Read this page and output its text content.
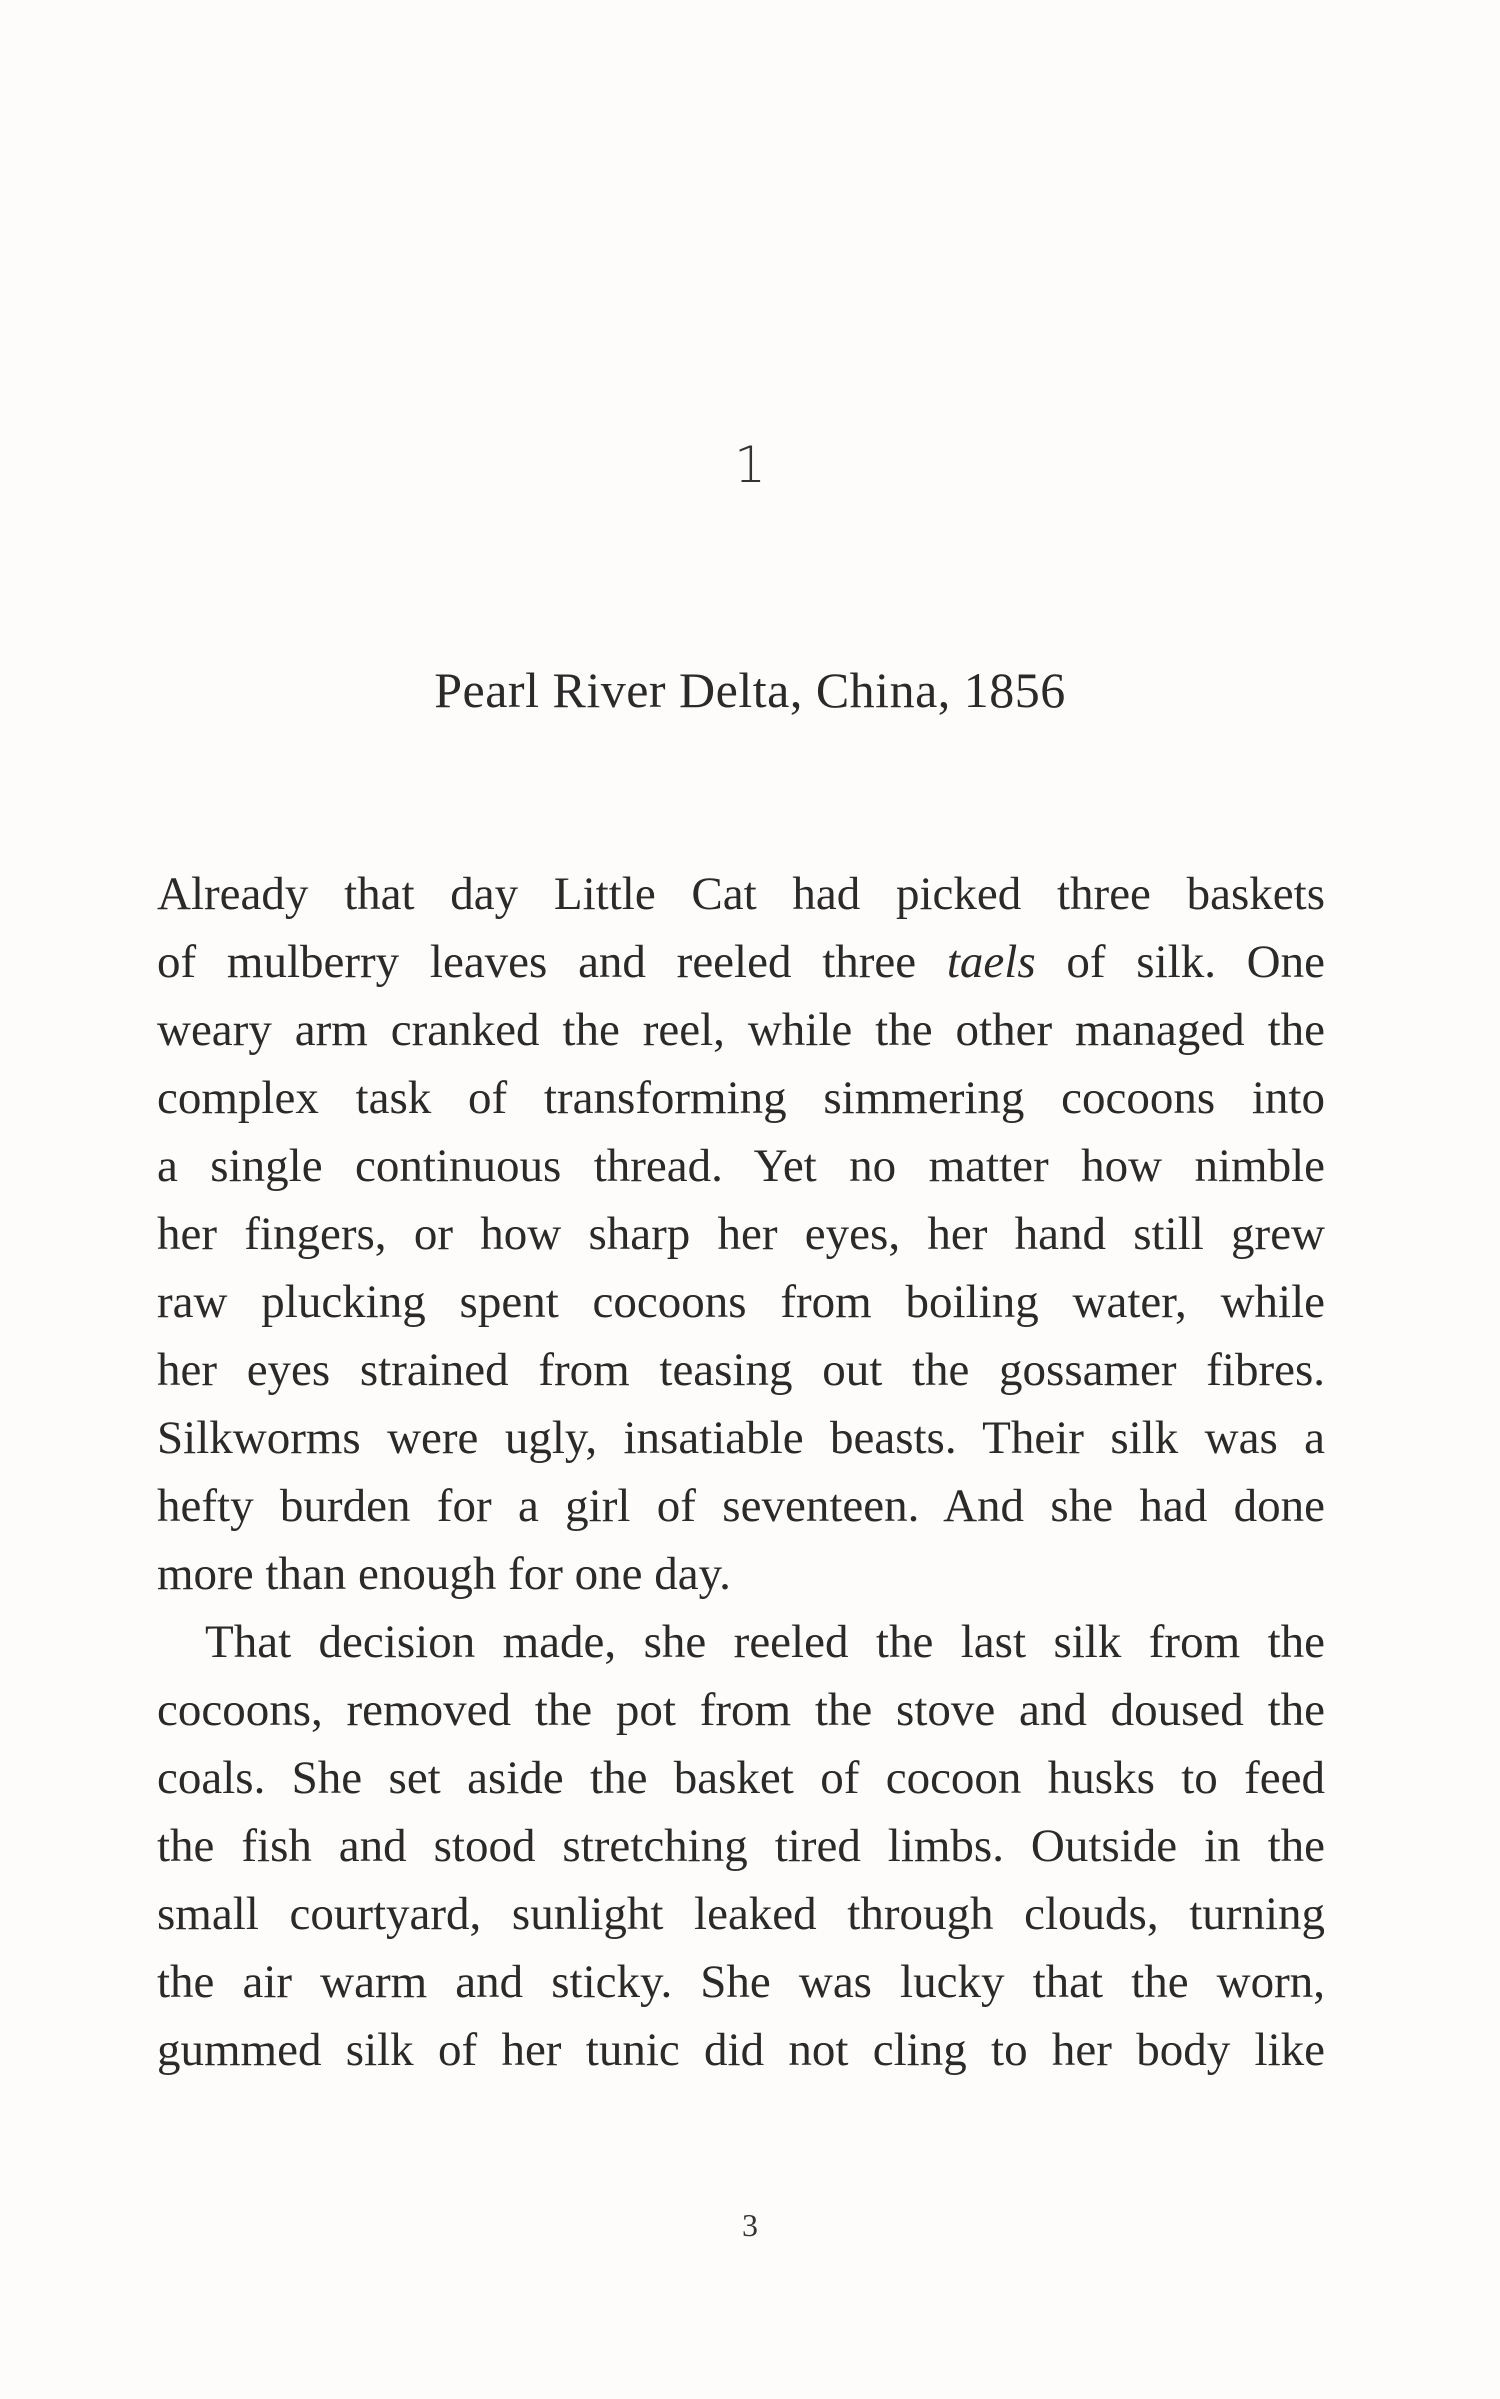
1
Pearl River Delta, China, 1856
Already that day Little Cat had picked three baskets
of mulberry leaves and reeled three taels of silk. One
weary arm cranked the reel, while the other managed the
complex task of transforming simmering cocoons into
a single continuous thread. Yet no matter how nimble
her fingers, or how sharp her eyes, her hand still grew
raw plucking spent cocoons from boiling water, while
her eyes strained from teasing out the gossamer fibres.
Silkworms were ugly, insatiable beasts. Their silk was a
hefty burden for a girl of seventeen. And she had done
more than enough for one day.
That decision made, she reeled the last silk from the
cocoons, removed the pot from the stove and doused the
coals. She set aside the basket of cocoon husks to feed
the fish and stood stretching tired limbs. Outside in the
small courtyard, sunlight leaked through clouds, turning
the air warm and sticky. She was lucky that the worn,
gummed silk of her tunic did not cling to her body like
3
